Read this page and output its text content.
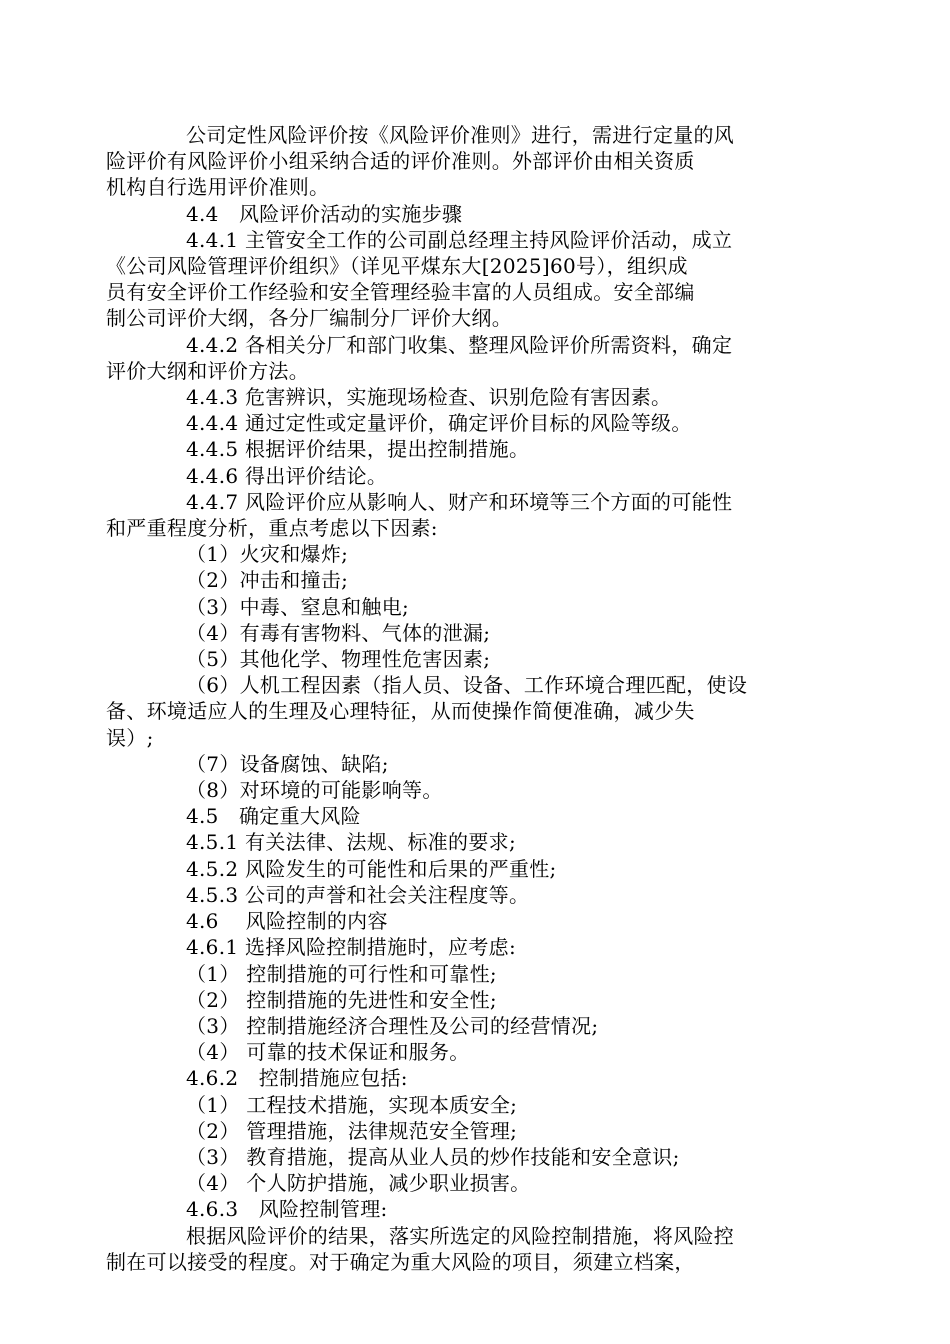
公司定性风险评价按《风险评价准则》进行，需进行定量的风
险评价有风险评价小组采纳合适的评价准则。外部评价由相关资质
机构自行选用评价准则。
4.4　风险评价活动的实施步骤
4.4.1 主管安全工作的公司副总经理主持风险评价活动，成立
《公司风险管理评价组织》（详见平煤东大[2025]60号），组织成
员有安全评价工作经验和安全管理经验丰富的人员组成。安全部编
制公司评价大纲，各分厂编制分厂评价大纲。
4.4.2 各相关分厂和部门收集、整理风险评价所需资料，确定
评价大纲和评价方法。
4.4.3 危害辨识，实施现场检查、识别危险有害因素。
4.4.4 通过定性或定量评价，确定评价目标的风险等级。
4.4.5 根据评价结果，提出控制措施。
4.4.6 得出评价结论。
4.4.7 风险评价应从影响人、财产和环境等三个方面的可能性
和严重程度分析，重点考虑以下因素:
（1）火灾和爆炸;
（2）冲击和撞击;
（3）中毒、窒息和触电;
（4）有毒有害物料、气体的泄漏;
（5）其他化学、物理性危害因素;
（6）人机工程因素（指人员、设备、工作环境合理匹配，使设
备、环境适应人的生理及心理特征，从而使操作简便准确，减少失
误）;
（7）设备腐蚀、缺陷;
（8）对环境的可能影响等。
4.5　确定重大风险
4.5.1 有关法律、法规、标准的要求;
4.5.2 风险发生的可能性和后果的严重性;
4.5.3 公司的声誉和社会关注程度等。
4.6　 风险控制的内容
4.6.1 选择风险控制措施时，应考虑:
（1） 控制措施的可行性和可靠性;
（2） 控制措施的先进性和安全性;
（3） 控制措施经济合理性及公司的经营情况;
（4） 可靠的技术保证和服务。
4.6.2　控制措施应包括:
（1） 工程技术措施，实现本质安全;
（2） 管理措施，法律规范安全管理;
（3） 教育措施，提高从业人员的炒作技能和安全意识;
（4） 个人防护措施，减少职业损害。
4.6.3　风险控制管理:
根据风险评价的结果，落实所选定的风险控制措施，将风险控
制在可以接受的程度。对于确定为重大风险的项目，须建立档案，
